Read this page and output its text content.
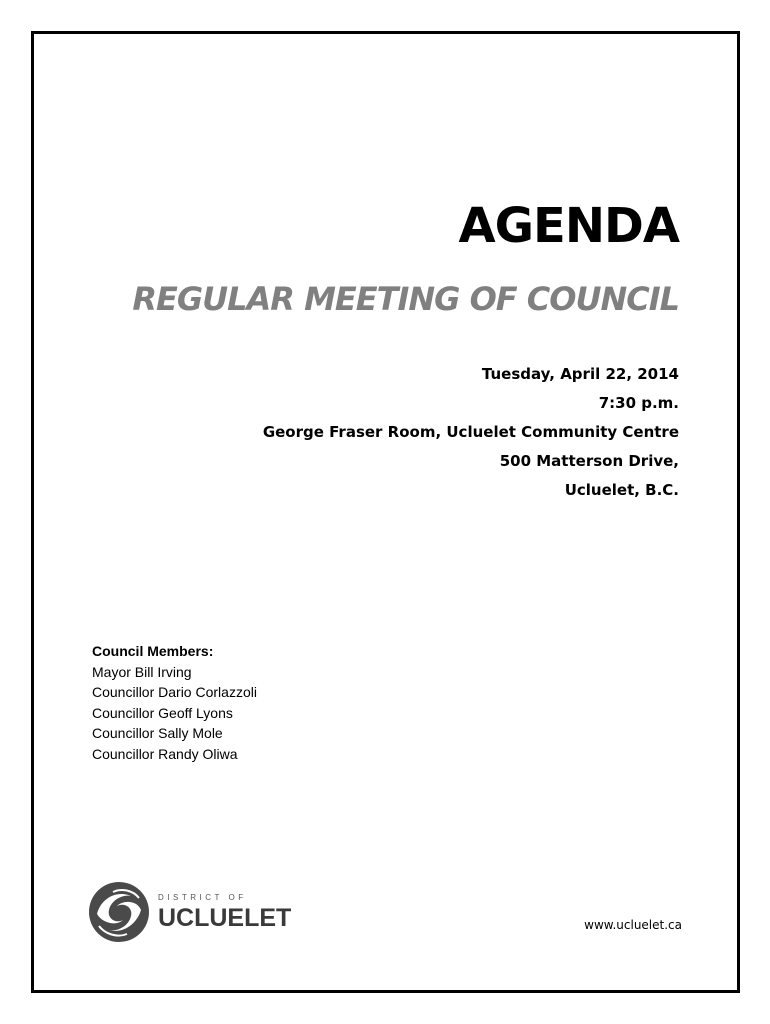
AGENDA
REGULAR MEETING OF COUNCIL
Tuesday, April 22, 2014
7:30 p.m.
George Fraser Room, Ucluelet Community Centre
500 Matterson Drive,
Ucluelet, B.C.
Council Members:
Mayor Bill Irving
Councillor Dario Corlazzoli
Councillor Geoff Lyons
Councillor Sally Mole
Councillor Randy Oliwa
DISTRICT OF
UCLUELET	www.ucluelet.ca
